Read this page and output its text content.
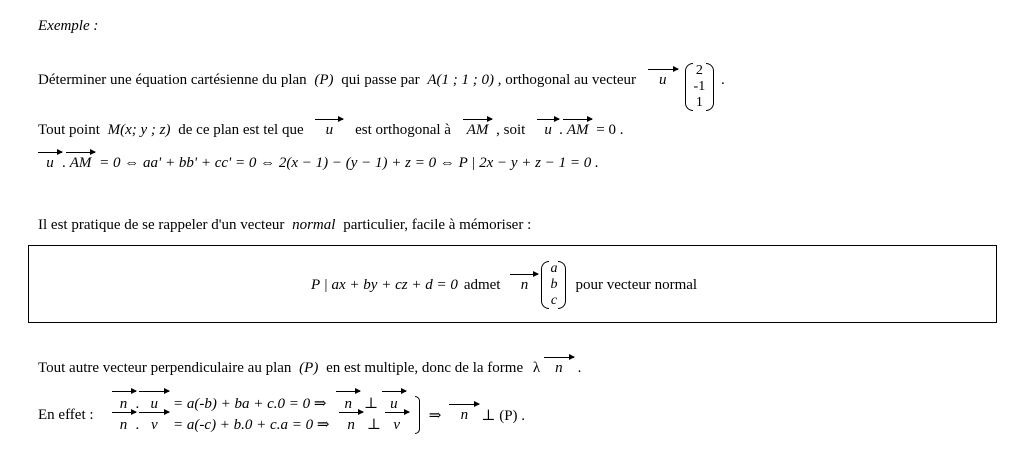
Exemple :
Déterminer une équation cartésienne du plan (P) qui passe par A(1 ; 1 ; 0) , orthogonal au vecteur u
2
-1
1
.
Tout point M(x; y ; z) de ce plan est tel que u est orthogonal à AM , soit u . AM = 0 .
u . AM = 0 ⇔ aa' + bb' + cc' = 0 ⇔ 2(x − 1) − (y − 1) + z = 0 ⇔ P | 2x − y + z − 1 = 0 .
Il est pratique de se rappeler d'un vecteur normal particulier, facile à mémoriser :
P | ax + by + cz + d = 0 admet	n
a
b
c
pour vecteur normal
Tout autre vecteur perpendiculaire au plan (P) en est multiple, donc de la forme λ n .
En effet :
n . u = a(-b) + ba + c.0 = 0 ⇒ n ⊥ u
n . v = a(-c) + b.0 + c.a = 0 ⇒ n ⊥ v
⇒	n ⊥ (P) .
